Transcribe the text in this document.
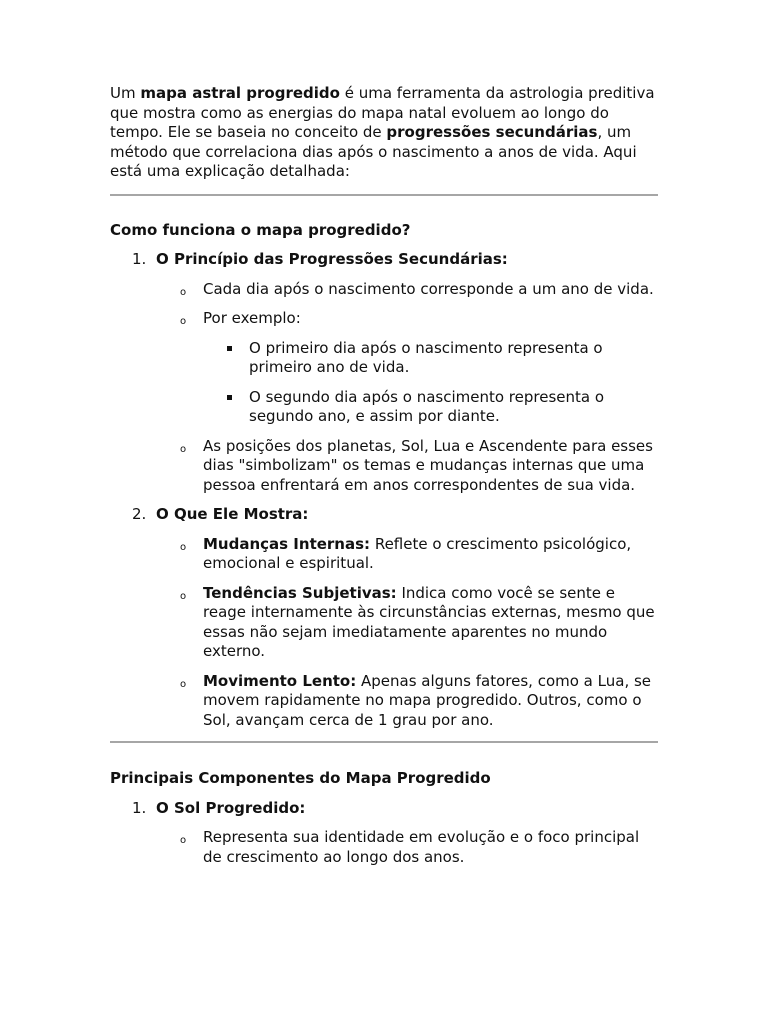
Um mapa astral progredido é uma ferramenta da astrologia preditiva que mostra como as energias do mapa natal evoluem ao longo do tempo. Ele se baseia no conceito de progressões secundárias, um método que correlaciona dias após o nascimento a anos de vida. Aqui está uma explicação detalhada:

Como funciona o mapa progredido?
1. O Princípio das Progressões Secundárias:
o Cada dia após o nascimento corresponde a um ano de vida.
o Por exemplo:
O primeiro dia após o nascimento representa o primeiro ano de vida.
O segundo dia após o nascimento representa o segundo ano, e assim por diante.
o As posições dos planetas, Sol, Lua e Ascendente para esses dias "simbolizam" os temas e mudanças internas que uma pessoa enfrentará em anos correspondentes de sua vida.
2. O Que Ele Mostra:
o Mudanças Internas: Reflete o crescimento psicológico, emocional e espiritual.
o Tendências Subjetivas: Indica como você se sente e reage internamente às circunstâncias externas, mesmo que essas não sejam imediatamente aparentes no mundo externo.
o Movimento Lento: Apenas alguns fatores, como a Lua, se movem rapidamente no mapa progredido. Outros, como o Sol, avançam cerca de 1 grau por ano.
Principais Componentes do Mapa Progredido
1. O Sol Progredido:
o Representa sua identidade em evolução e o foco principal de crescimento ao longo dos anos.
